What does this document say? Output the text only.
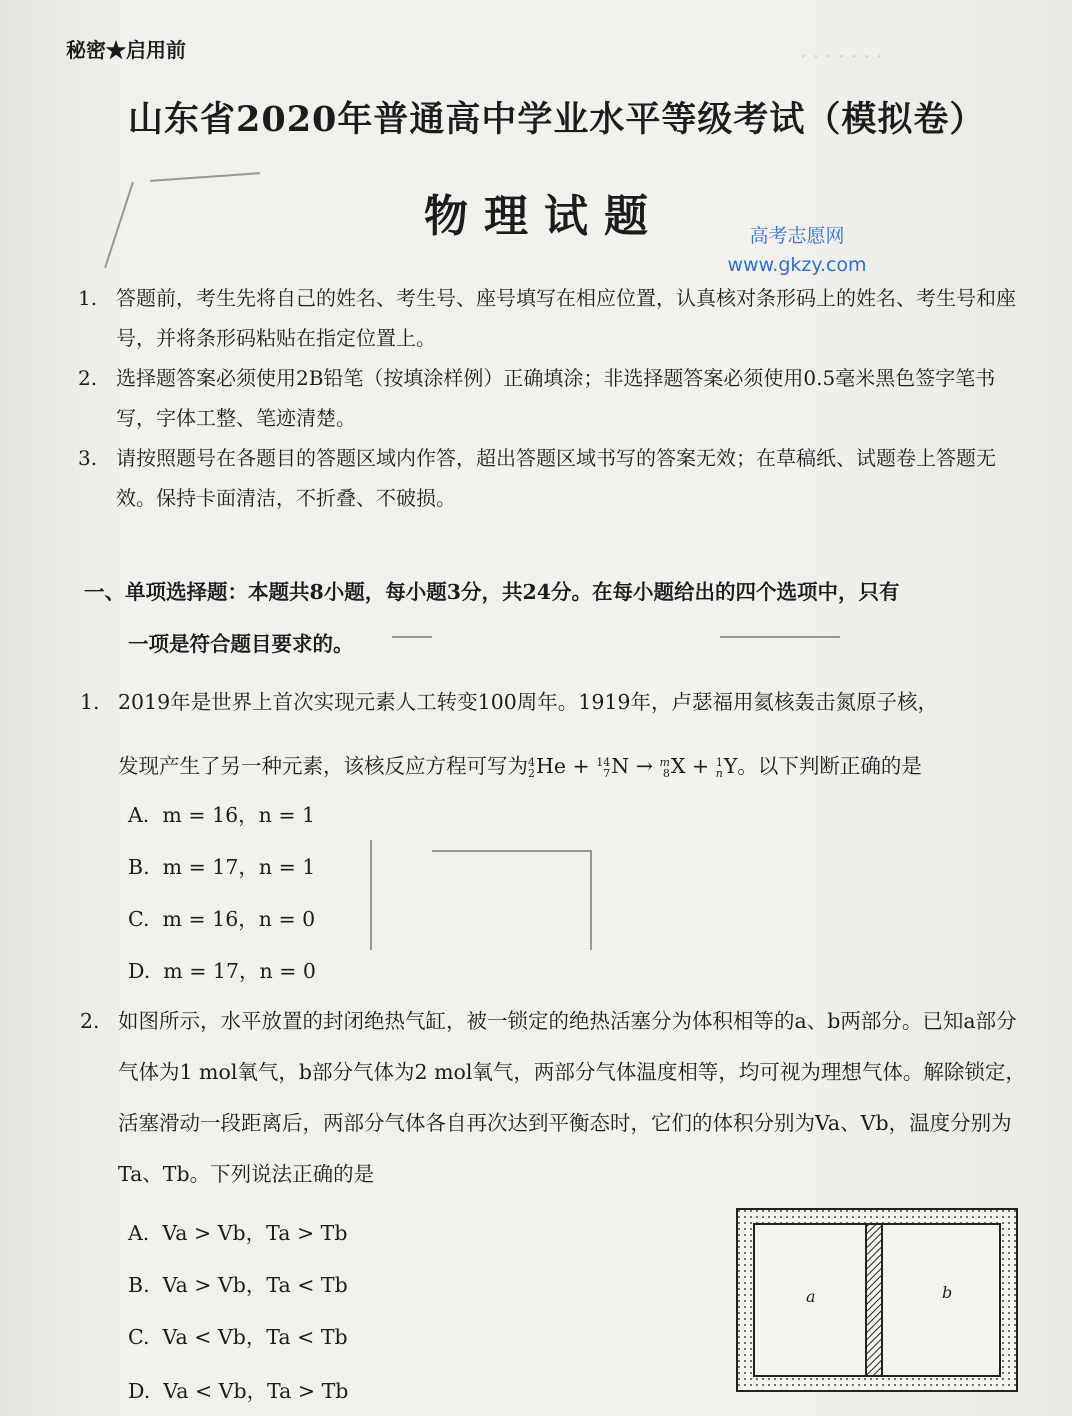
· · · · · · ·
秘密★启用前
山东省2020年普通高中学业水平等级考试（模拟卷）
物理试题	高考志愿网
www.gkzy.com
1. 答题前，考生先将自己的姓名、考生号、座号填写在相应位置，认真核对条形码上的姓名、考生号和座号，并将条形码粘贴在指定位置上。
2. 选择题答案必须使用2B铅笔（按填涂样例）正确填涂；非选择题答案必须使用0.5毫米黑色签字笔书写，字体工整、笔迹清楚。
3. 请按照题号在各题目的答题区域内作答，超出答题区域书写的答案无效；在草稿纸、试题卷上答题无效。保持卡面清洁，不折叠、不破损。
一、单项选择题：本题共8小题，每小题3分，共24分。在每小题给出的四个选项中，只有
一项是符合题目要求的。
1. 2019年是世界上首次实现元素人工转变100周年。1919年，卢瑟福用氦核轰击氮原子核，
发现产生了另一种元素，该核反应方程可写为 4
2 He + 14
7 N → m
8 X + 1
n Y。以下判断正确的是
A. m = 16，n = 1
B. m = 17，n = 1
C. m = 16，n = 0
D. m = 17，n = 0
2. 如图所示，水平放置的封闭绝热气缸，被一锁定的绝热活塞分为体积相等的a、b两部分。已知a部分气体为1 mol氧气，b部分气体为2 mol氧气，两部分气体温度相等，均可视为理想气体。解除锁定，活塞滑动一段距离后，两部分气体各自再次达到平衡态时，它们的体积分别为Va、Vb，温度分别为Ta、Tb。下列说法正确的是
A. Va > Vb，Ta > Tb
B. Va > Vb，Ta < Tb
C. Va < Vb，Ta < Tb
D. Va < Vb，Ta > Tb
a	b
